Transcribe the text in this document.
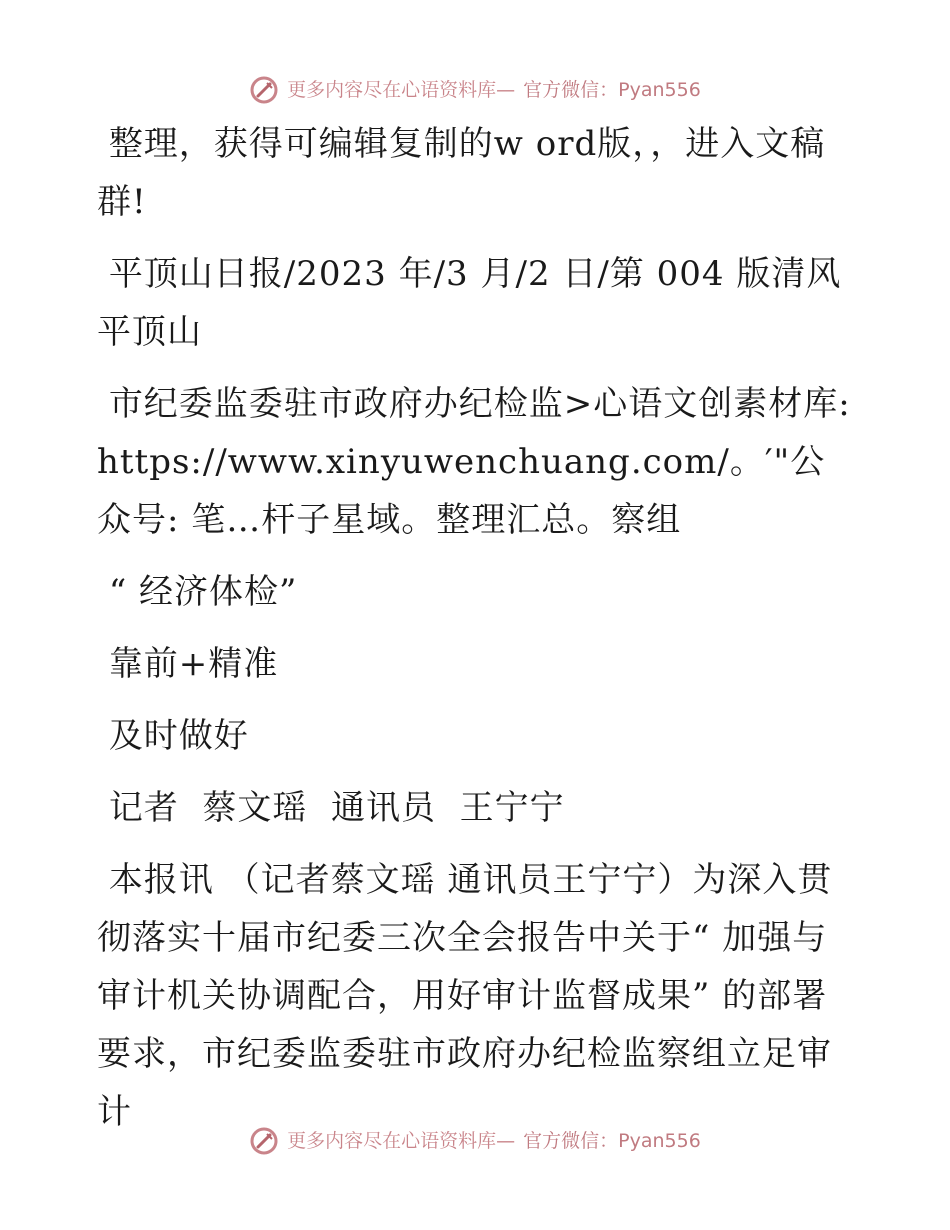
更多内容尽在心语资料库— 官方微信：Pyan556

整理，获得可编辑复制的w ord版，，进入文稿群!

平顶山日报/2023 年/3 月/2 日/第 004 版清风平顶山

市纪委监委驻市政府办纪检监>心语文创素材库: https://www.xinyuwenchuang.com/。′"公众号: 笔…杆子星域。整理汇总。察组

“ 经济体检”

靠前+精准

及时做好

记者  蔡文瑶  通讯员  王宁宁

本报讯 （记者蔡文瑶 通讯员王宁宁）为深入贯彻落实十届市纪委三次全会报告中关于“ 加强与审计机关协调配合，用好审计监督成果” 的部署要求，市纪委监委驻市政府办纪检监察组立足审计

更多内容尽在心语资料库— 官方微信：Pyan556
